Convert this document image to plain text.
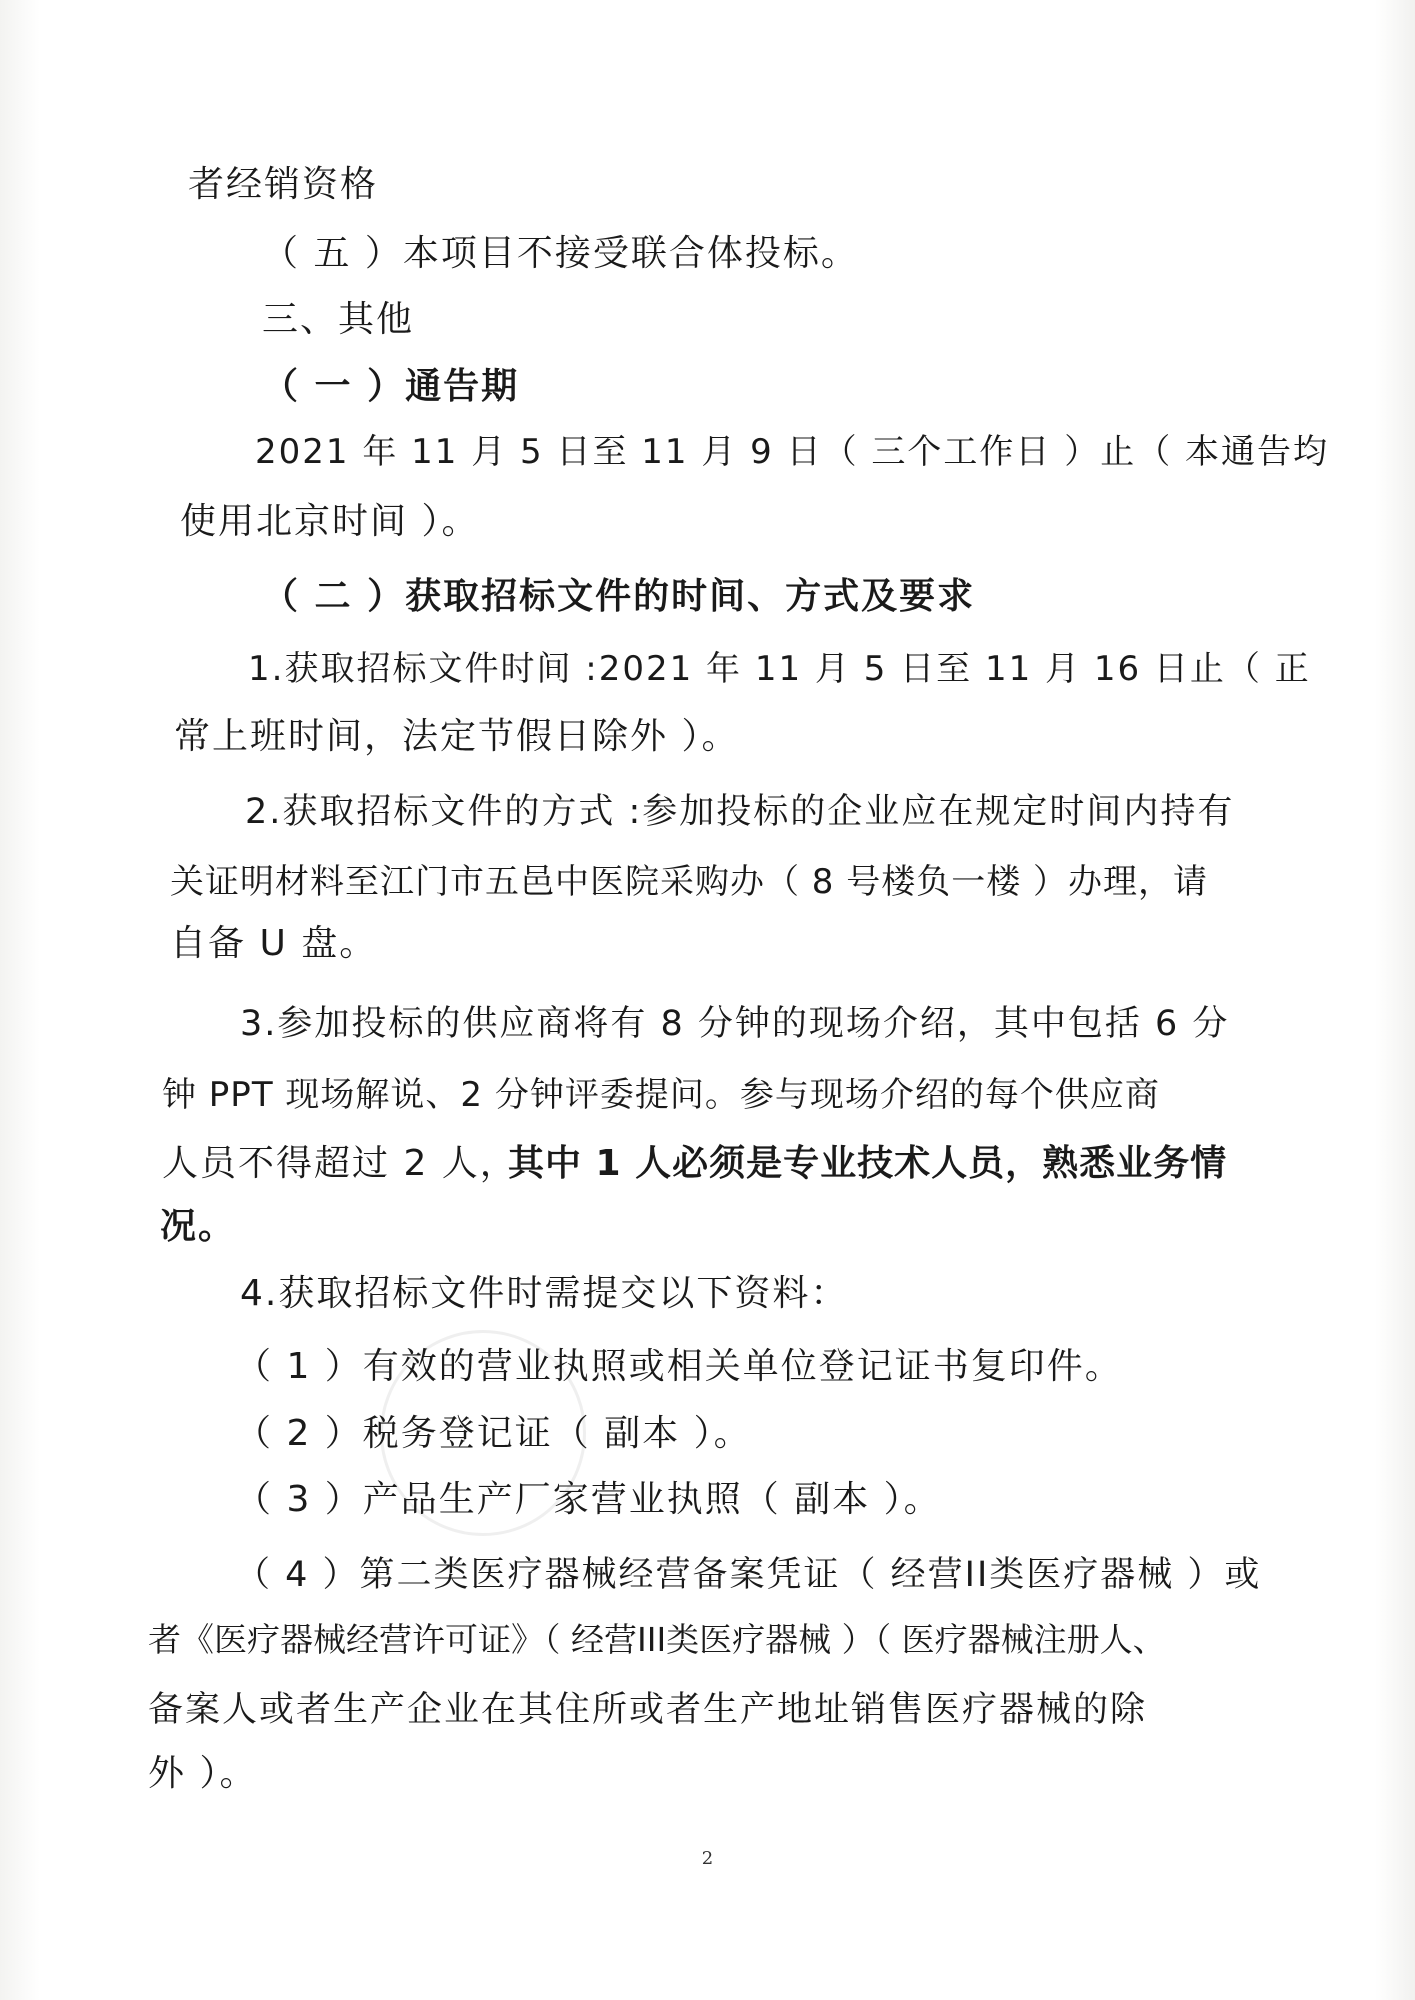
者经销资格
（ 五 ）本项目不接受联合体投标。
三、其他
（ 一 ）通告期
2021 年 11 月 5 日至 11 月 9 日（ 三个工作日 ）止（ 本通告均
使用北京时间 ）。
（ 二 ）获取招标文件的时间、方式及要求
1.获取招标文件时间 :2021 年 11 月 5 日至 11 月 16 日止（ 正
常上班时间，法定节假日除外 ）。
2.获取招标文件的方式 :参加投标的企业应在规定时间内持有
关证明材料至江门市五邑中医院采购办（ 8 号楼负一楼 ）办理，请
自备 U 盘。
3.参加投标的供应商将有 8 分钟的现场介绍，其中包括 6 分
钟 PPT 现场解说、2 分钟评委提问。参与现场介绍的每个供应商
人员不得超过 2 人，
其中 1 人必须是专业技术人员，熟悉业务情
况。
4.获取招标文件时需提交以下资料：
（ 1 ）有效的营业执照或相关单位登记证书复印件。
（ 2 ）税务登记证（ 副本 ）。
（ 3 ）产品生产厂家营业执照（ 副本 ）。
（ 4 ）第二类医疗器械经营备案凭证（ 经营II类医疗器械 ）或
者《医疗器械经营许可证》（ 经营III类医疗器械 ）（ 医疗器械注册人、
备案人或者生产企业在其住所或者生产地址销售医疗器械的除
外 ）。
2
